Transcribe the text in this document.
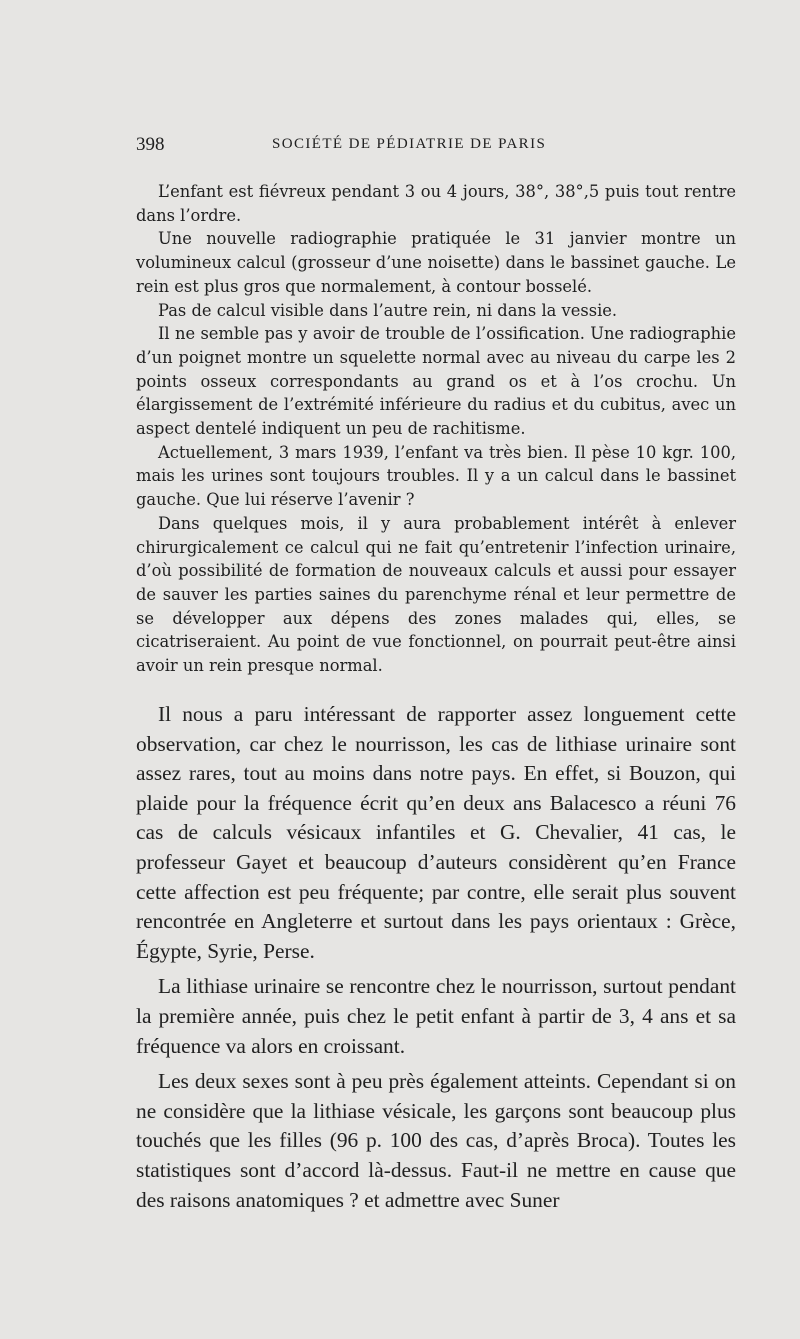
398	SOCIÉTÉ DE PÉDIATRIE DE PARIS

L’enfant est fiévreux pendant 3 ou 4 jours, 38°, 38°,5 puis tout rentre dans l’ordre.

Une nouvelle radiographie pratiquée le 31 janvier montre un volumineux calcul (grosseur d’une noisette) dans le bassinet gauche. Le rein est plus gros que normalement, à contour bosselé.

Pas de calcul visible dans l’autre rein, ni dans la vessie.

Il ne semble pas y avoir de trouble de l’ossification. Une radiographie d’un poignet montre un squelette normal avec au niveau du carpe les 2 points osseux correspondants au grand os et à l’os crochu. Un élargissement de l’extrémité inférieure du radius et du cubitus, avec un aspect dentelé indiquent un peu de rachitisme.

Actuellement, 3 mars 1939, l’enfant va très bien. Il pèse 10 kgr. 100, mais les urines sont toujours troubles. Il y a un calcul dans le bassinet gauche. Que lui réserve l’avenir ?

Dans quelques mois, il y aura probablement intérêt à enlever chirurgicalement ce calcul qui ne fait qu’entretenir l’infection urinaire, d’où possibilité de formation de nouveaux calculs et aussi pour essayer de sauver les parties saines du parenchyme rénal et leur permettre de se développer aux dépens des zones malades qui, elles, se cicatriseraient. Au point de vue fonctionnel, on pourrait peut-être ainsi avoir un rein presque normal.

Il nous a paru intéressant de rapporter assez longuement cette observation, car chez le nourrisson, les cas de lithiase urinaire sont assez rares, tout au moins dans notre pays. En effet, si Bouzon, qui plaide pour la fréquence écrit qu’en deux ans Balacesco a réuni 76 cas de calculs vésicaux infantiles et G. Chevalier, 41 cas, le professeur Gayet et beaucoup d’auteurs considèrent qu’en France cette affection est peu fréquente; par contre, elle serait plus souvent rencontrée en Angleterre et surtout dans les pays orientaux : Grèce, Égypte, Syrie, Perse.

La lithiase urinaire se rencontre chez le nourrisson, surtout pendant la première année, puis chez le petit enfant à partir de 3, 4 ans et sa fréquence va alors en croissant.

Les deux sexes sont à peu près également atteints. Cependant si on ne considère que la lithiase vésicale, les garçons sont beaucoup plus touchés que les filles (96 p. 100 des cas, d’après Broca). Toutes les statistiques sont d’accord là-dessus. Faut-il ne mettre en cause que des raisons anatomiques ? et admettre avec Suner
